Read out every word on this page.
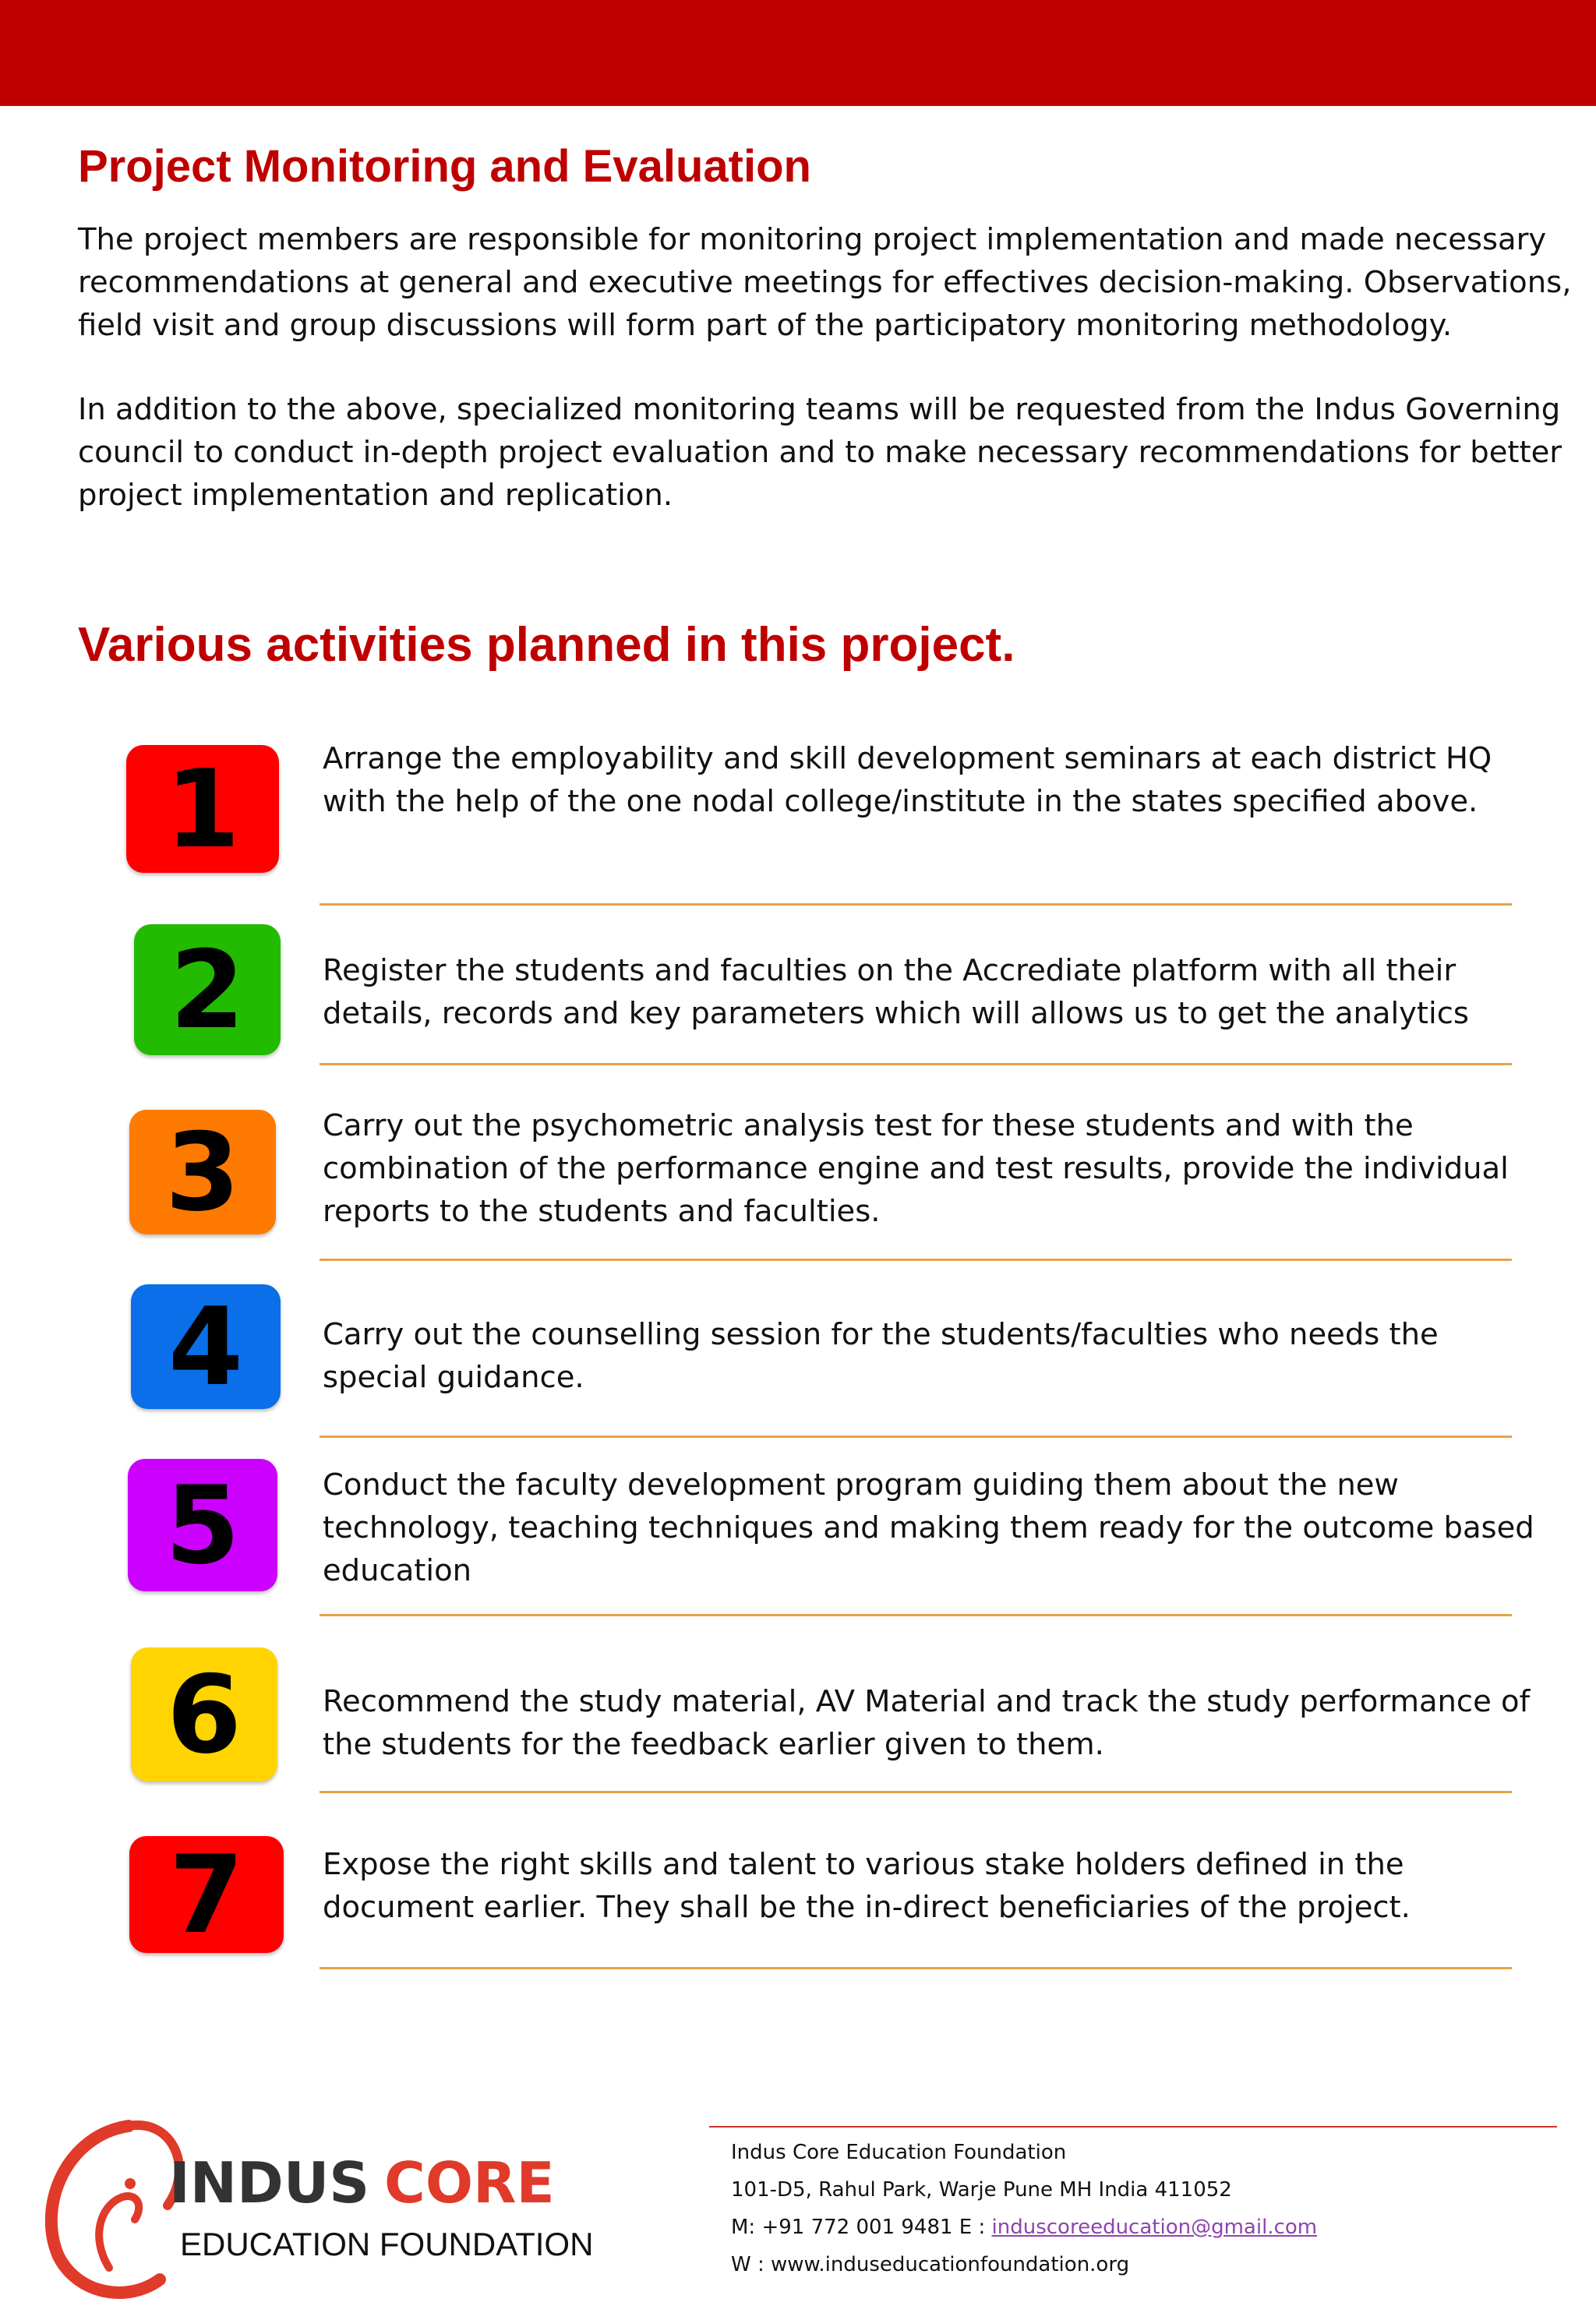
Project Monitoring and Evaluation

The project members are responsible for monitoring project implementation and made necessary recommendations at general and executive meetings for effectives decision-making. Observations, field visit and group discussions will form part of the participatory monitoring methodology.

In addition to the above, specialized monitoring teams will be requested from the Indus Governing council to conduct in-depth project evaluation and to make necessary recommendations for better project implementation and replication.

Various activities planned in this project.
1	Arrange the employability and skill development seminars at each district HQ with the help of the one nodal college/institute in the states specified above.

2	Register the students and faculties on the Accrediate platform with all their details, records and key parameters which will allows us to get the analytics

3	Carry out the psychometric analysis test for these students and with the combination of the performance engine and test results, provide the individual reports to the students and faculties.

4	Carry out the counselling session for the students/faculties who needs the special guidance.

5	Conduct the faculty development program guiding them about the new technology, teaching techniques and making them ready for the outcome based education

6	Recommend the study material, AV Material and track the study performance of the students for the feedback earlier given to them.

7	Expose the right skills and talent to various stake holders defined in the document earlier. They shall be the in-direct beneficiaries of the project.

INDUS CORE
EDUCATION FOUNDATION

Indus Core Education Foundation

101-D5, Rahul Park, Warje Pune MH India 411052

M: +91 772 001 9481 E : induscoreeducation@gmail.com

W : www.induseducationfoundation.org
